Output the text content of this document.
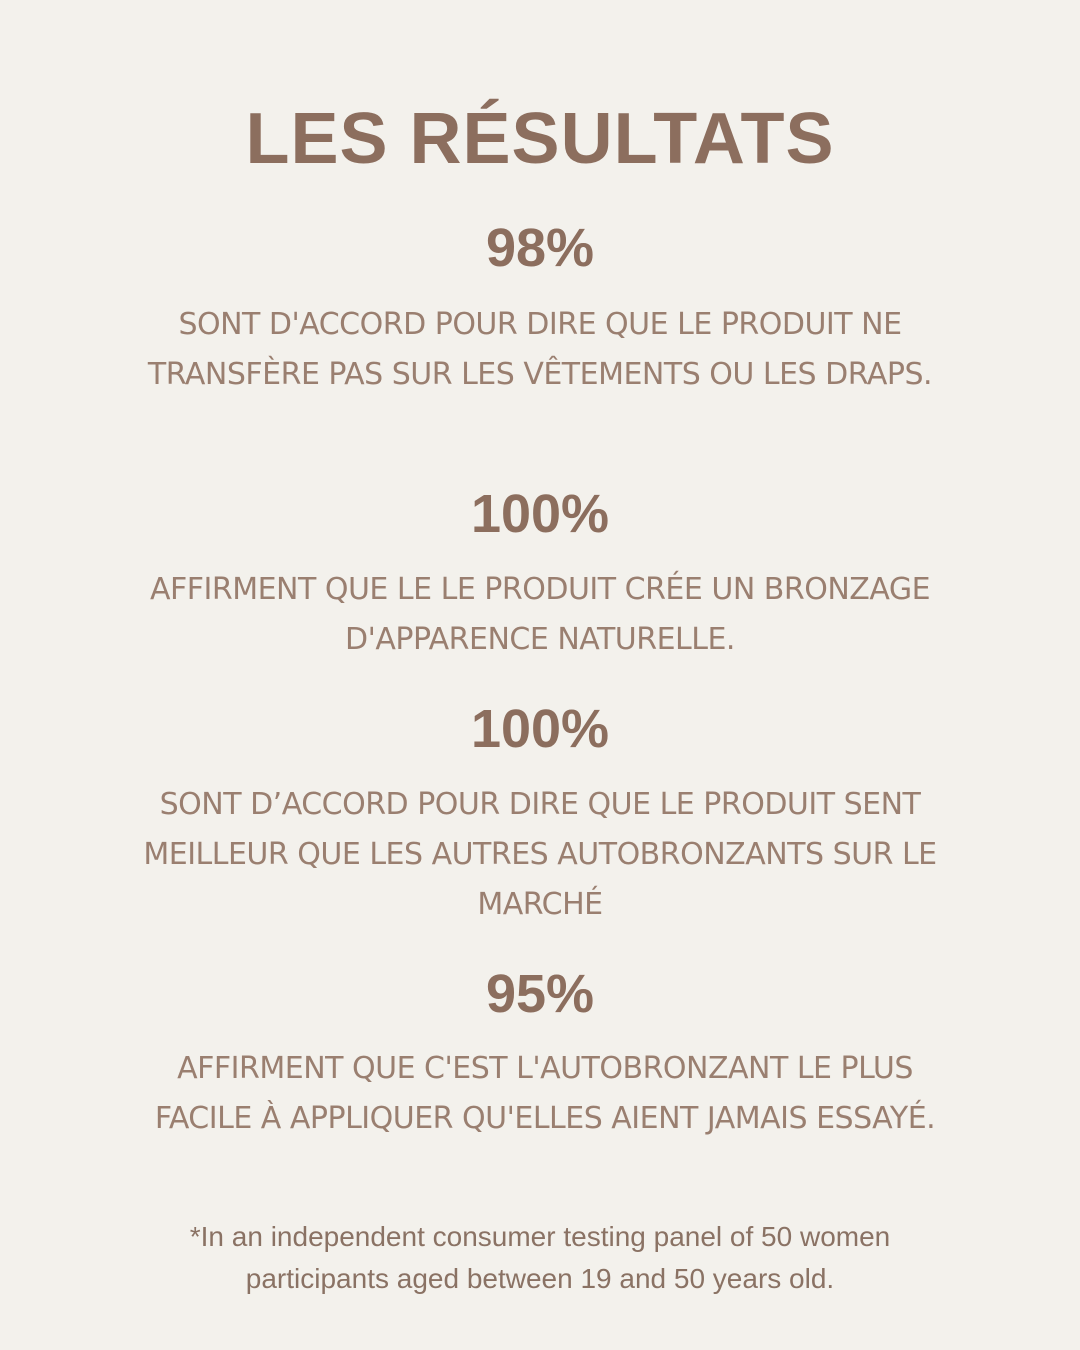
LES RÉSULTATS
98%

SONT D'ACCORD POUR DIRE QUE LE PRODUIT NE TRANSFÈRE PAS SUR LES VÊTEMENTS OU LES DRAPS.

100%

AFFIRMENT QUE LE LE PRODUIT CRÉE UN BRONZAGE D'APPARENCE NATURELLE.

100%

SONT D’ACCORD POUR DIRE QUE LE PRODUIT SENT MEILLEUR QUE LES AUTRES AUTOBRONZANTS SUR LE MARCHÉ

95%

AFFIRMENT QUE C'EST L'AUTOBRONZANT LE PLUS FACILE À APPLIQUER QU'ELLES AIENT JAMAIS ESSAYÉ.

*In an independent consumer testing panel of 50 women participants aged between 19 and 50 years old.
